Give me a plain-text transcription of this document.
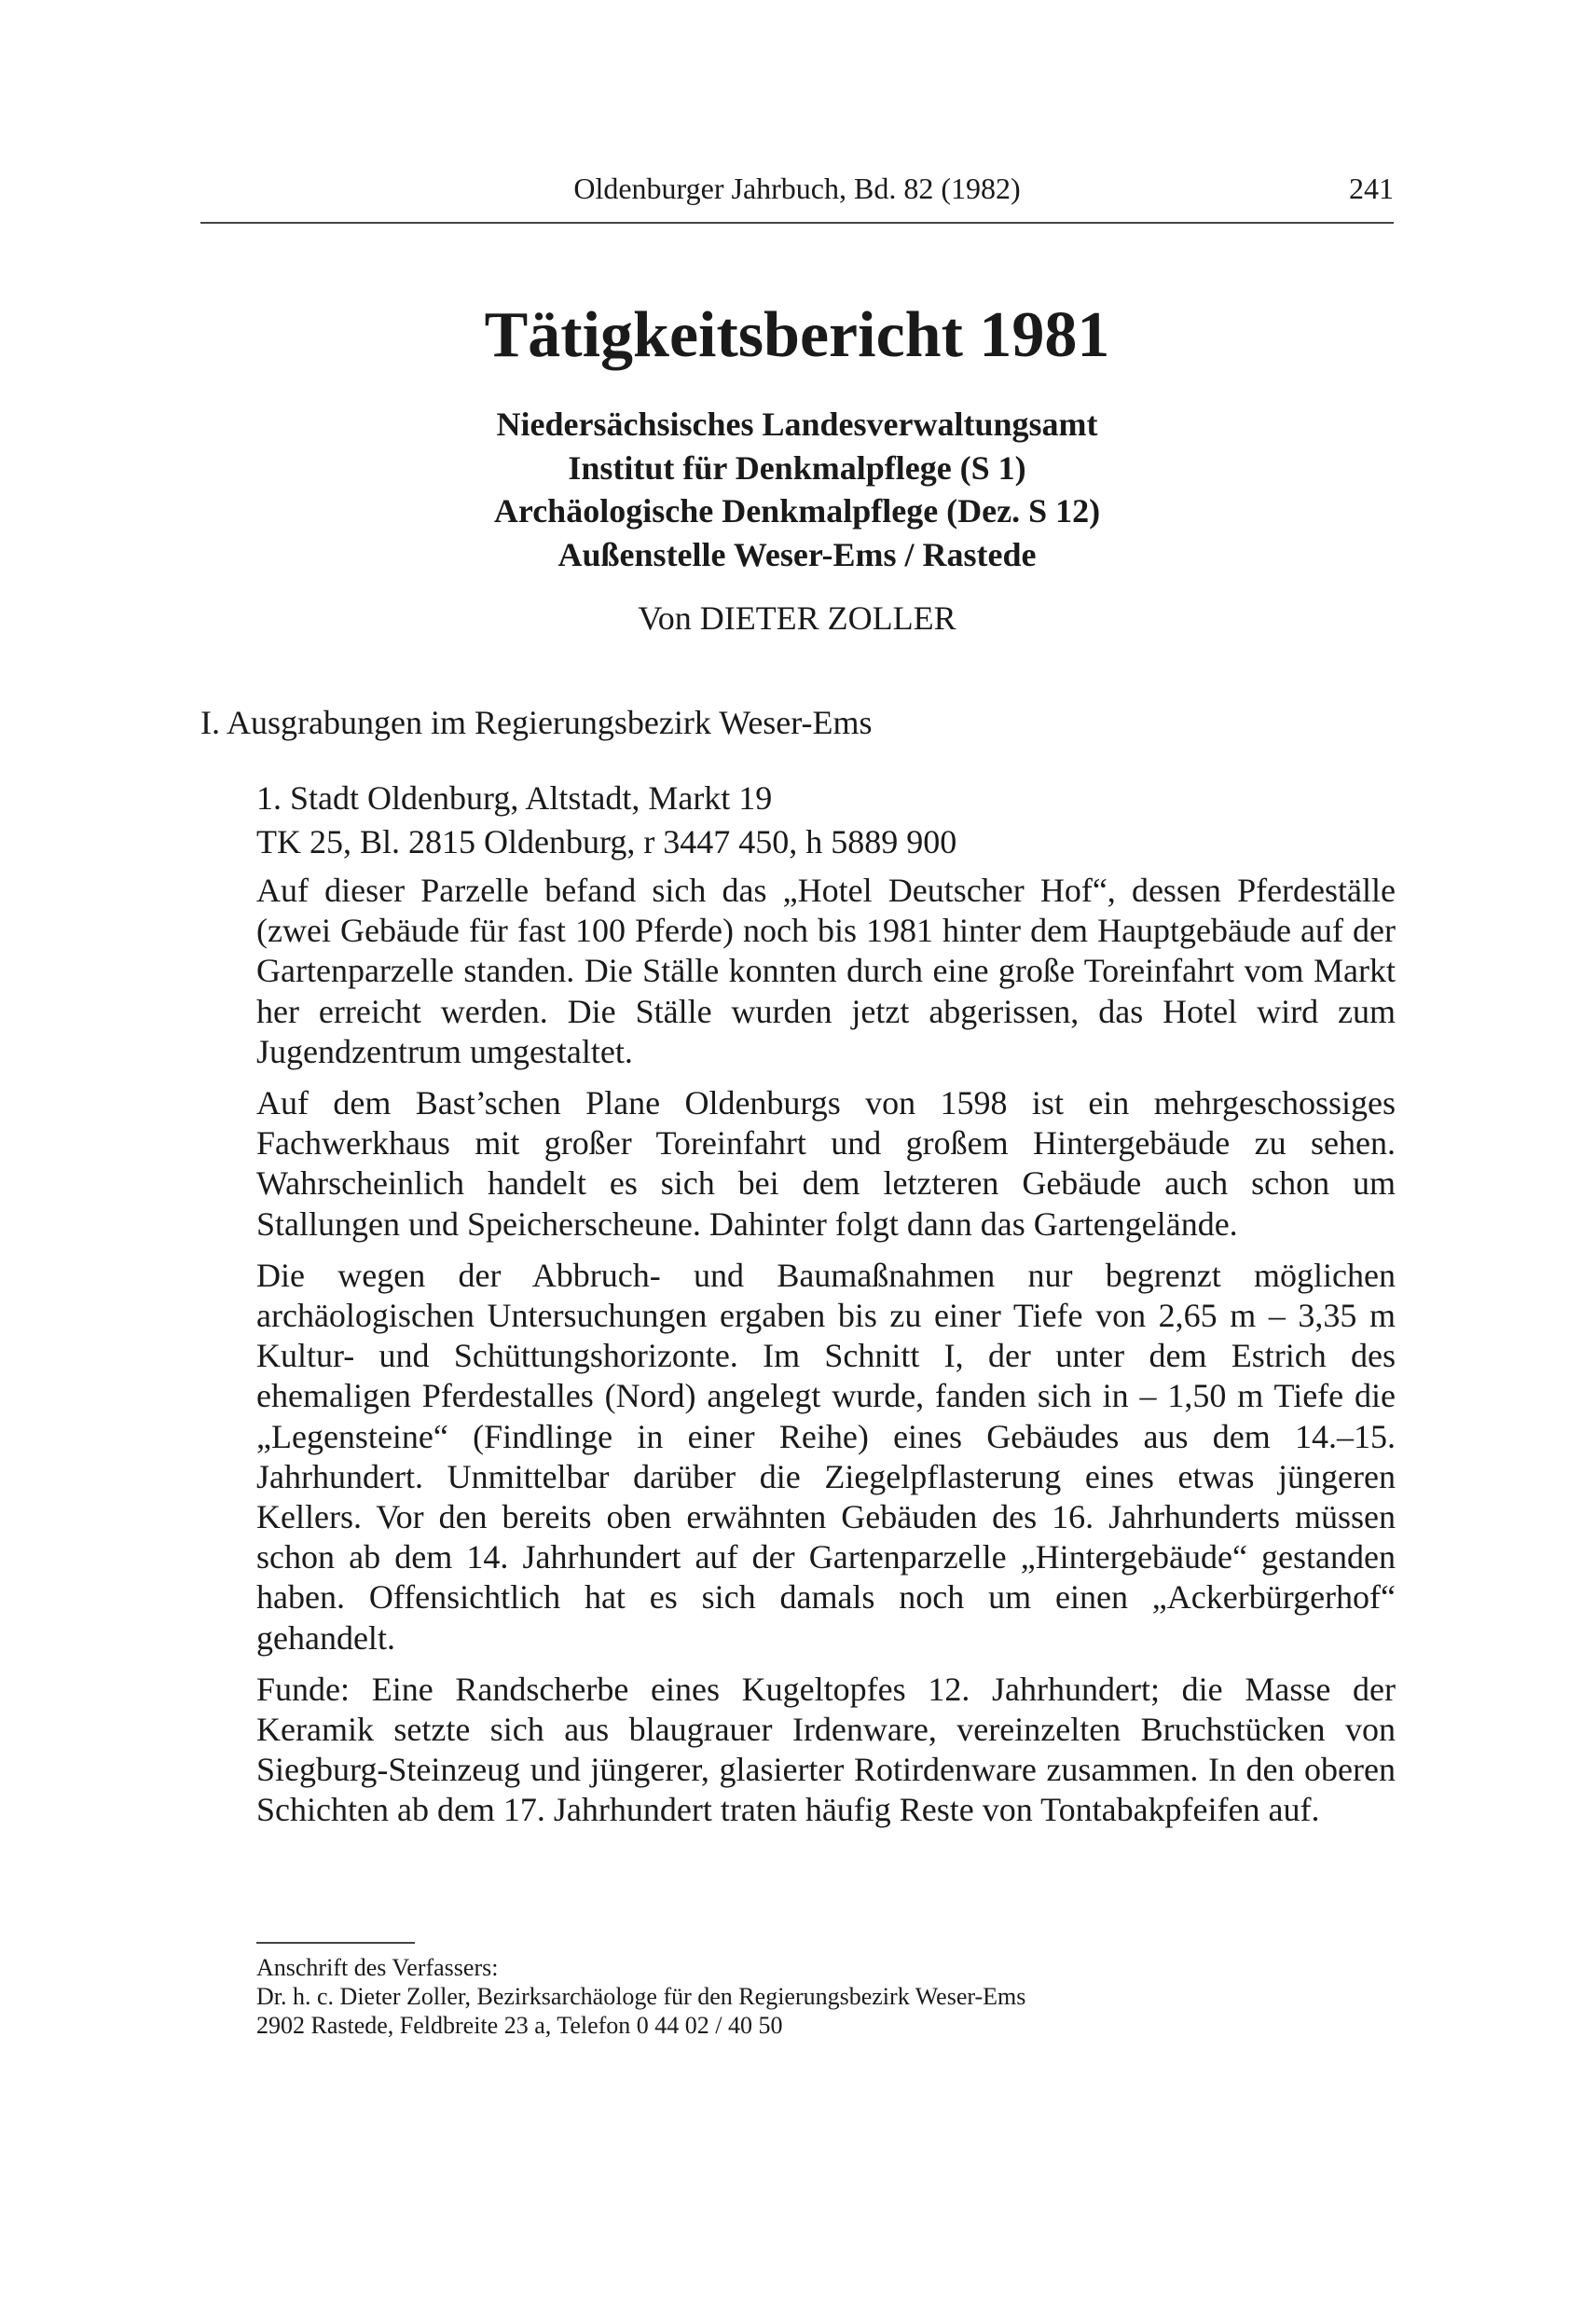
Oldenburger Jahrbuch, Bd. 82 (1982)	241
Tätigkeitsbericht 1981
Niedersächsisches Landesverwaltungsamt
Institut für Denkmalpflege (S 1)
Archäologische Denkmalpflege (Dez. S 12)
Außenstelle Weser-Ems / Rastede
Von DIETER ZOLLER
I. Ausgrabungen im Regierungsbezirk Weser-Ems
1. Stadt Oldenburg, Altstadt, Markt 19
TK 25, Bl. 2815 Oldenburg, r 3447 450, h 5889 900

Auf dieser Parzelle befand sich das „Hotel Deutscher Hof“, dessen Pferdeställe (zwei Gebäude für fast 100 Pferde) noch bis 1981 hinter dem Hauptgebäude auf der Gartenparzelle standen. Die Ställe konnten durch eine große Toreinfahrt vom Markt her erreicht werden. Die Ställe wurden jetzt abgerissen, das Hotel wird zum Jugendzentrum umgestaltet.

Auf dem Bast’schen Plane Oldenburgs von 1598 ist ein mehrgeschossiges Fachwerkhaus mit großer Toreinfahrt und großem Hintergebäude zu sehen. Wahrscheinlich handelt es sich bei dem letzteren Gebäude auch schon um Stallungen und Speicherscheune. Dahinter folgt dann das Gartengelände.

Die wegen der Abbruch- und Baumaßnahmen nur begrenzt möglichen archäologischen Untersuchungen ergaben bis zu einer Tiefe von 2,65 m – 3,35 m Kultur- und Schüttungshorizonte. Im Schnitt I, der unter dem Estrich des ehemaligen Pferdestalles (Nord) angelegt wurde, fanden sich in – 1,50 m Tiefe die „Legensteine“ (Findlinge in einer Reihe) eines Gebäudes aus dem 14.–15. Jahrhundert. Unmittelbar darüber die Ziegelpflasterung eines etwas jüngeren Kellers. Vor den bereits oben erwähnten Gebäuden des 16. Jahrhunderts müssen schon ab dem 14. Jahrhundert auf der Gartenparzelle „Hintergebäude“ gestanden haben. Offensichtlich hat es sich damals noch um einen „Ackerbürgerhof“ gehandelt.

Funde: Eine Randscherbe eines Kugeltopfes 12. Jahrhundert; die Masse der Keramik setzte sich aus blaugrauer Irdenware, vereinzelten Bruchstücken von Siegburg-Steinzeug und jüngerer, glasierter Rotirdenware zusammen. In den oberen Schichten ab dem 17. Jahrhundert traten häufig Reste von Tontabakpfeifen auf.

Anschrift des Verfassers:
Dr. h. c. Dieter Zoller, Bezirksarchäologe für den Regierungsbezirk Weser-Ems
2902 Rastede, Feldbreite 23 a, Telefon 0 44 02 / 40 50
